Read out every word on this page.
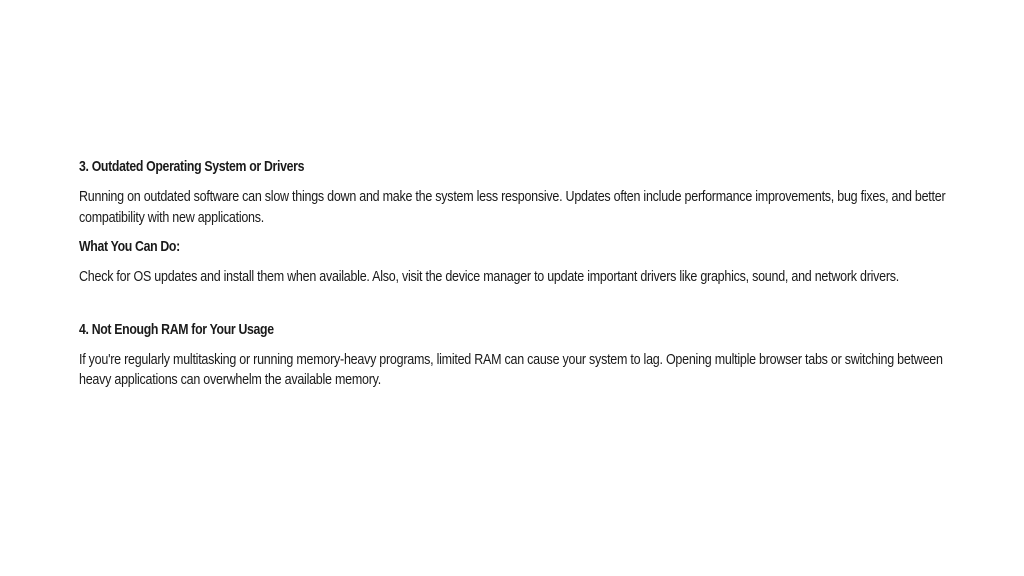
3. Outdated Operating System or Drivers

Running on outdated software can slow things down and make the system less responsive. Updates often include performance improvements, bug fixes, and better compatibility with new applications.

What You Can Do:

Check for OS updates and install them when available. Also, visit the device manager to update important drivers like graphics, sound, and network drivers.

4. Not Enough RAM for Your Usage

If you're regularly multitasking or running memory-heavy programs, limited RAM can cause your system to lag. Opening multiple browser tabs or switching between heavy applications can overwhelm the available memory.
